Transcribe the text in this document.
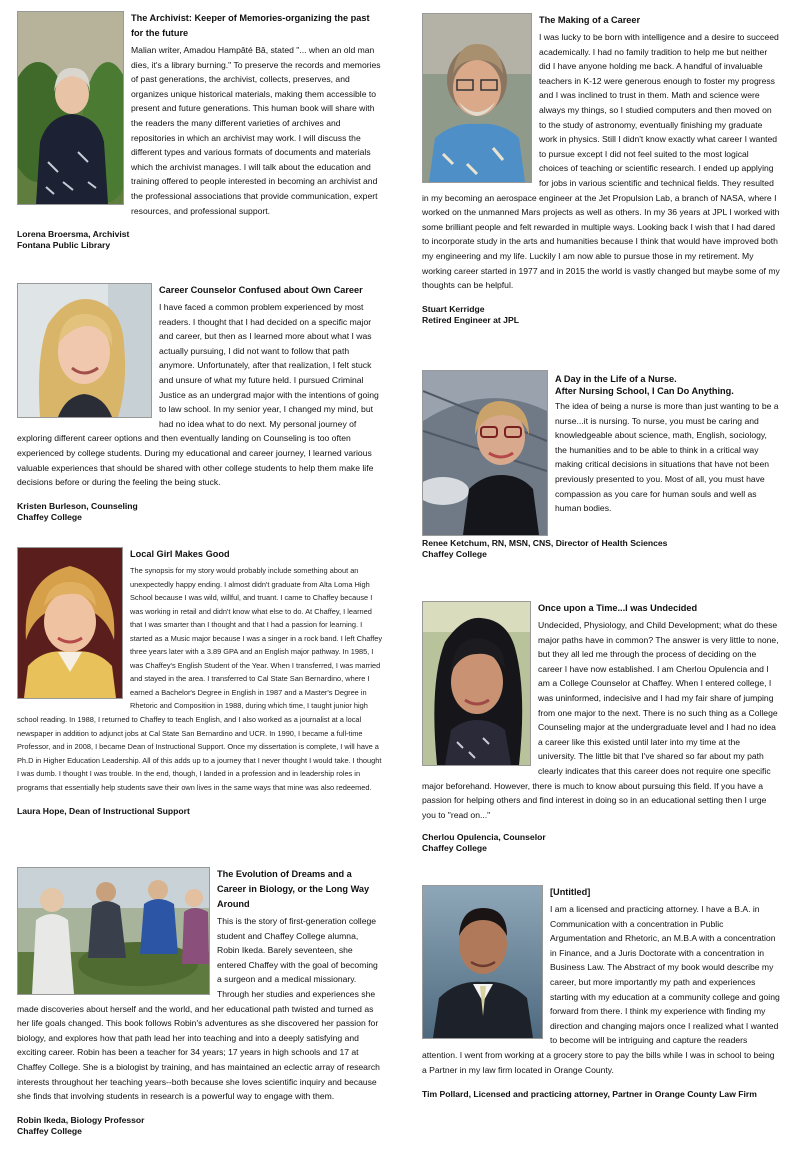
The Archivist: Keeper of Memories-organizing the past for the future

Malian writer, Amadou Hampâté Bâ, stated "... when an old man dies, it's a library burning." To preserve the records and memories of past generations, the archivist, collects, preserves, and organizes unique historical materials, making them accessible to present and future generations. This human book will share with the readers the many different varieties of archives and repositories in which an archivist may work. I will discuss the different types and various formats of documents and materials which the archivist manages. I will talk about the education and training offered to people interested in becoming an archivist and the professional associations that provide communication, expert resources, and professional support.

Lorena Broersma, Archivist
Fontana Public Library

Career Counselor Confused about Own Career

I have faced a common problem experienced by most readers. I thought that I had decided on a specific major and career, but then as I learned more about what I was actually pursuing, I did not want to follow that path anymore. Unfortunately, after that realization, I felt stuck and unsure of what my future held. I pursued Criminal Justice as an undergrad major with the intentions of going to law school. In my senior year, I changed my mind, but had no idea what to do next. My personal journey of exploring different career options and then eventually landing on Counseling is too often experienced by college students. During my educational and career journey, I learned various valuable experiences that should be shared with other college students to help them make life decisions before or during the feeling the being stuck.

Kristen Burleson, Counseling
Chaffey College

Local Girl Makes Good

The synopsis for my story would probably include something about an unexpectedly happy ending. I almost didn't graduate from Alta Loma High School because I was wild, willful, and truant. I came to Chaffey because I was working in retail and didn't know what else to do. At Chaffey, I learned that I was smarter than I thought and that I had a passion for learning. I started as a Music major because I was a singer in a rock band. I left Chaffey three years later with a 3.89 GPA and an English major pathway. In 1985, I was Chaffey's English Student of the Year. When I transferred, I was married and stayed in the area. I transferred to Cal State San Bernardino, where I earned a Bachelor's Degree in English in 1987 and a Master's Degree in Rhetoric and Composition in 1988, during which time, I taught junior high school reading. In 1988, I returned to Chaffey to teach English, and I also worked as a journalist at a local newspaper in addition to adjunct jobs at Cal State San Bernardino and UCR. In 1990, I became a full-time Professor, and in 2008, I became Dean of Instructional Support. Once my dissertation is complete, I will have a Ph.D in Higher Education Leadership. All of this adds up to a journey that I never thought I would take. I thought I was dumb. I thought I was trouble. In the end, though, I landed in a profession and in leadership roles in programs that essentially help students save their own lives in the same ways that mine was also redeemed.

Laura Hope, Dean of Instructional Support

The Evolution of Dreams and a Career in Biology, or the Long Way Around

This is the story of first-generation college student and Chaffey College alumna, Robin Ikeda. Barely seventeen, she entered Chaffey with the goal of becoming a surgeon and a medical missionary. Through her studies and experiences she made discoveries about herself and the world, and her educational path twisted and turned as her life goals changed. This book follows Robin's adventures as she discovered her passion for biology, and explores how that path lead her into teaching and into a deeply satisfying and exciting career. Robin has been a teacher for 34 years; 17 years in high schools and 17 at Chaffey College. She is a biologist by training, and has maintained an eclectic array of research interests throughout her teaching years--both because she loves scientific inquiry and because she finds that involving students in research is a powerful way to engage with them.

Robin Ikeda, Biology Professor
Chaffey College

The Making of a Career

I was lucky to be born with intelligence and a desire to succeed academically. I had no family tradition to help me but neither did I have anyone holding me back. A handful of invaluable teachers in K-12 were generous enough to foster my progress and I was inclined to trust in them. Math and science were always my things, so I studied computers and then moved on to the study of astronomy, eventually finishing my graduate work in physics. Still I didn't know exactly what career I wanted to pursue except I did not feel suited to the most logical choices of teaching or scientific research. I ended up applying for jobs in various scientific and technical fields. They resulted in my becoming an aerospace engineer at the Jet Propulsion Lab, a branch of NASA, where I worked on the unmanned Mars projects as well as others. In my 36 years at JPL I worked with some brilliant people and felt rewarded in multiple ways. Looking back I wish that I had dared to incorporate study in the arts and humanities because I think that would have improved both my engineering and my life. Luckily I am now able to pursue those in my retirement. My working career started in 1977 and in 2015 the world is vastly changed but maybe some of my thoughts can be helpful.

Stuart Kerridge
Retired Engineer at JPL

A Day in the Life of a Nurse.
After Nursing School, I Can Do Anything.

The idea of being a nurse is more than just wanting to be a nurse...it is nursing. To nurse, you must be caring and knowledgeable about science, math, English, sociology, the humanities and to be able to think in a critical way making critical decisions in situations that have not been previously presented to you. Most of all, you must have compassion as you care for human souls and well as human bodies.

Renee Ketchum, RN, MSN, CNS, Director of Health Sciences
Chaffey College

Once upon a Time...I was Undecided

Undecided, Physiology, and Child Development; what do these major paths have in common? The answer is very little to none, but they all led me through the process of deciding on the career I have now established. I am Cherlou Opulencia and I am a College Counselor at Chaffey. When I entered college, I was uninformed, indecisive and I had my fair share of jumping from one major to the next. There is no such thing as a College Counseling major at the undergraduate level and I had no idea a career like this existed until later into my time at the university. The little bit that I've shared so far about my path clearly indicates that this career does not require one specific major beforehand. However, there is much to know about pursuing this field. If you have a passion for helping others and find interest in doing so in an educational setting then I urge you to "read on..."

Cherlou Opulencia, Counselor
Chaffey College

[Untitled]

I am a licensed and practicing attorney. I have a B.A. in Communication with a concentration in Public Argumentation and Rhetoric, an M.B.A with a concentration in Finance, and a Juris Doctorate with a concentration in Business Law. The Abstract of my book would describe my career, but more importantly my path and experiences starting with my education at a community college and going forward from there. I think my experience with finding my direction and changing majors once I realized what I wanted to become will be intriguing and capture the readers attention. I went from working at a grocery store to pay the bills while I was in school to being a Partner in my law firm located in Orange County.

Tim Pollard, Licensed and practicing attorney, Partner in Orange County Law Firm
